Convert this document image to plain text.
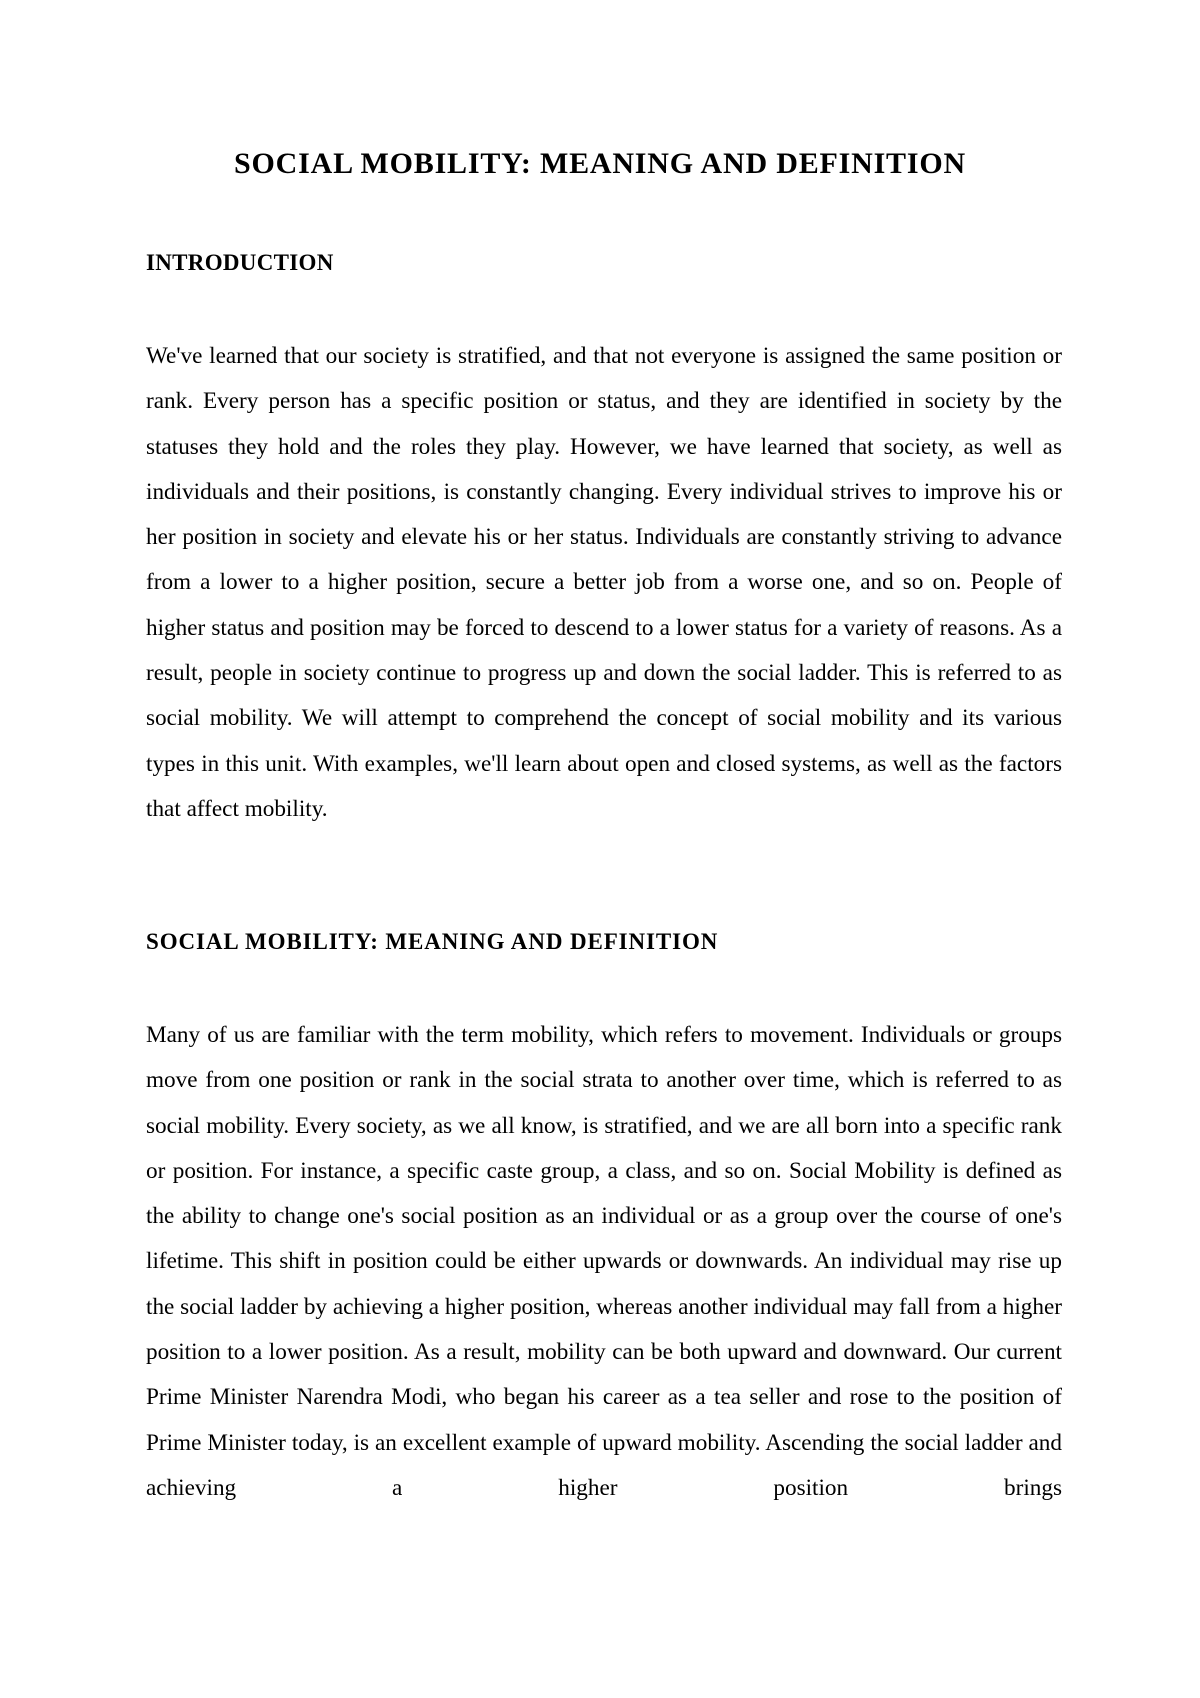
SOCIAL MOBILITY: MEANING AND DEFINITION
INTRODUCTION

We've learned that our society is stratified, and that not everyone is assigned the same position or rank. Every person has a specific position or status, and they are identified in society by the statuses they hold and the roles they play. However, we have learned that society, as well as individuals and their positions, is constantly changing. Every individual strives to improve his or her position in society and elevate his or her status. Individuals are constantly striving to advance from a lower to a higher position, secure a better job from a worse one, and so on. People of higher status and position may be forced to descend to a lower status for a variety of reasons. As a result, people in society continue to progress up and down the social ladder. This is referred to as social mobility. We will attempt to comprehend the concept of social mobility and its various types in this unit. With examples, we'll learn about open and closed systems, as well as the factors that affect mobility.

SOCIAL MOBILITY: MEANING AND DEFINITION

Many of us are familiar with the term mobility, which refers to movement. Individuals or groups move from one position or rank in the social strata to another over time, which is referred to as social mobility. Every society, as we all know, is stratified, and we are all born into a specific rank or position. For instance, a specific caste group, a class, and so on. Social Mobility is defined as the ability to change one's social position as an individual or as a group over the course of one's lifetime. This shift in position could be either upwards or downwards. An individual may rise up the social ladder by achieving a higher position, whereas another individual may fall from a higher position to a lower position. As a result, mobility can be both upward and downward. Our current Prime Minister Narendra Modi, who began his career as a tea seller and rose to the position of Prime Minister today, is an excellent example of upward mobility. Ascending the social ladder and achieving a higher position brings
